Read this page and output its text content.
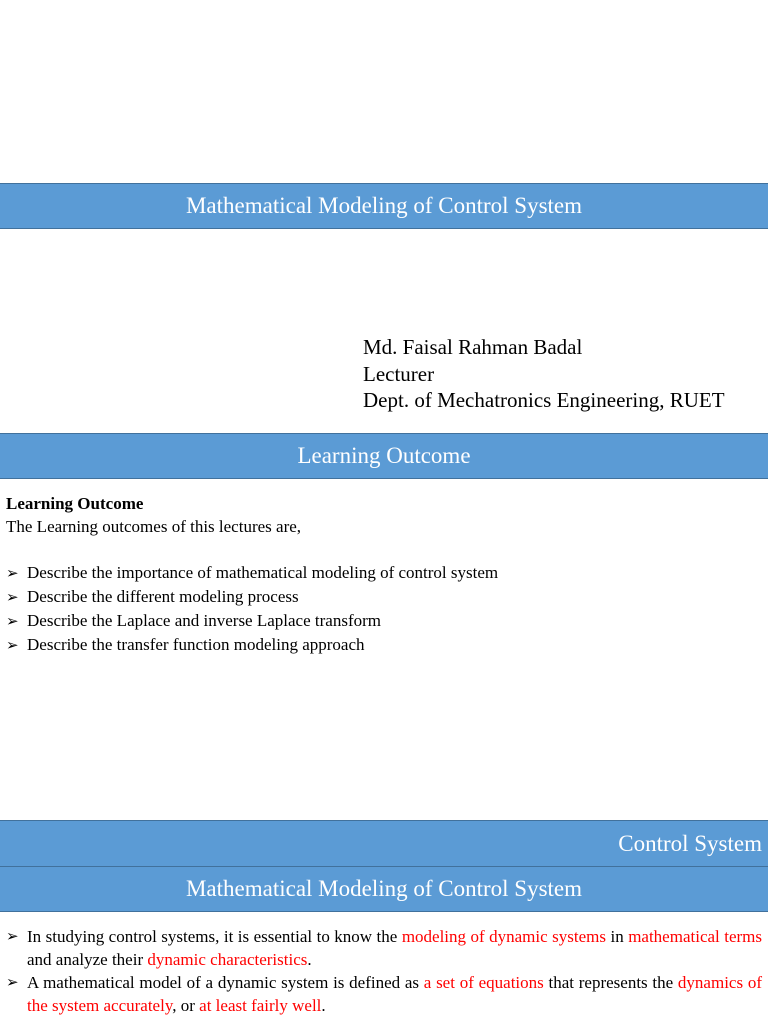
Mathematical Modeling of Control System
Md. Faisal Rahman Badal
Lecturer
Dept. of Mechatronics Engineering, RUET
Learning Outcome
Learning Outcome
The Learning outcomes of this lectures are,
➢ Describe the importance of mathematical modeling of control system
➢ Describe the different modeling process
➢ Describe the Laplace and inverse Laplace transform
➢ Describe the transfer function modeling approach
Control System
Mathematical Modeling of Control System
➢ In studying control systems, it is essential to know the modeling of dynamic systems in mathematical terms and analyze their dynamic characteristics.
➢ A mathematical model of a dynamic system is defined as a set of equations that represents the dynamics of the system accurately, or at least fairly well.
